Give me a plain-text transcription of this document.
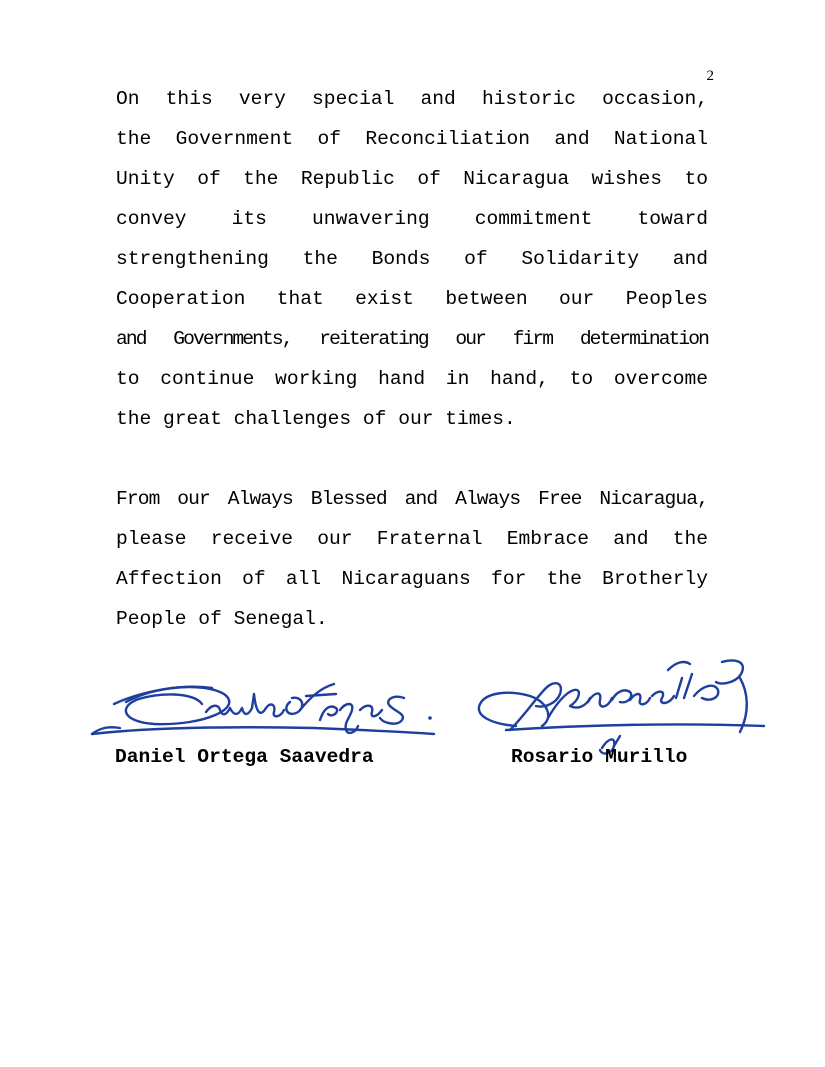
2

On this very special and historic occasion,
the Government of Reconciliation and National
Unity of the Republic of Nicaragua wishes to
convey its unwavering commitment toward
strengthening the Bonds of Solidarity and
Cooperation that exist between our Peoples
and Governments, reiterating our firm determination
to continue working hand in hand, to overcome
the great challenges of our times.

From our Always Blessed and Always Free Nicaragua,
please receive our Fraternal Embrace and the
Affection of all Nicaraguans for the Brotherly
People of Senegal.

Daniel Ortega Saavedra	Rosario Murillo
